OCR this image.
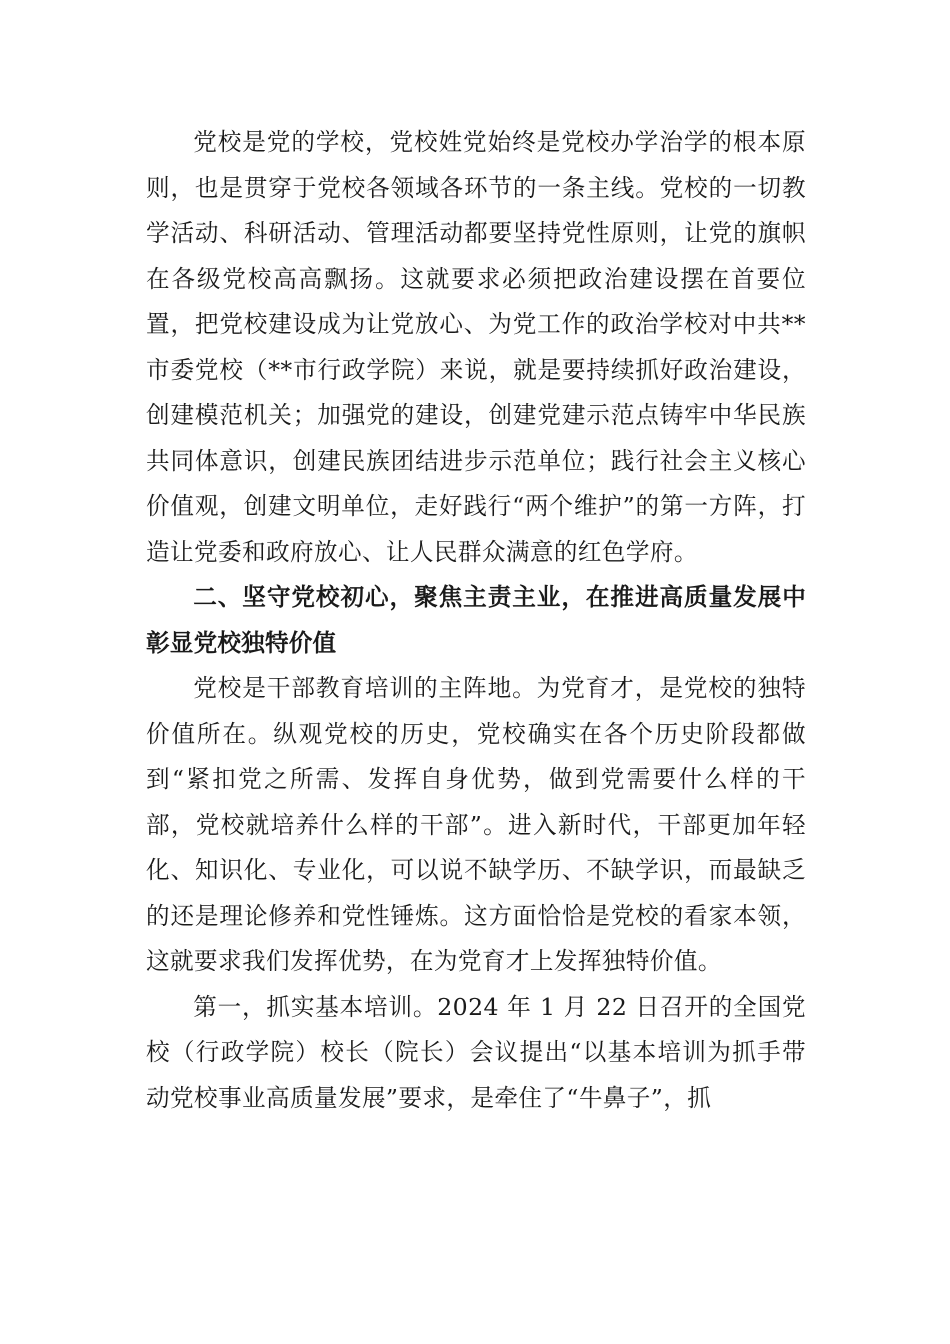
党校是党的学校，党校姓党始终是党校办学治学的根本原则，也是贯穿于党校各领域各环节的一条主线。党校的一切教学活动、科研活动、管理活动都要坚持党性原则，让党的旗帜在各级党校高高飘扬。这就要求必须把政治建设摆在首要位置，把党校建设成为让党放心、为党工作的政治学校对中共**市委党校（**市行政学院）来说，就是要持续抓好政治建设，创建模范机关；加强党的建设，创建党建示范点铸牢中华民族共同体意识，创建民族团结进步示范单位；践行社会主义核心价值观，创建文明单位，走好践行“两个维护”的第一方阵，打造让党委和政府放心、让人民群众满意的红色学府。

二、坚守党校初心，聚焦主责主业，在推进高质量发展中彰显党校独特价值

党校是干部教育培训的主阵地。为党育才，是党校的独特价值所在。纵观党校的历史，党校确实在各个历史阶段都做到“紧扣党之所需、发挥自身优势，做到党需要什么样的干部，党校就培养什么样的干部”。进入新时代，干部更加年轻化、知识化、专业化，可以说不缺学历、不缺学识，而最缺乏的还是理论修养和党性锤炼。这方面恰恰是党校的看家本领，这就要求我们发挥优势，在为党育才上发挥独特价值。

第一，抓实基本培训。2024 年 1 月 22 日召开的全国党校（行政学院）校长（院长）会议提出“以基本培训为抓手带动党校事业高质量发展”要求，是牵住了“牛鼻子”，抓
